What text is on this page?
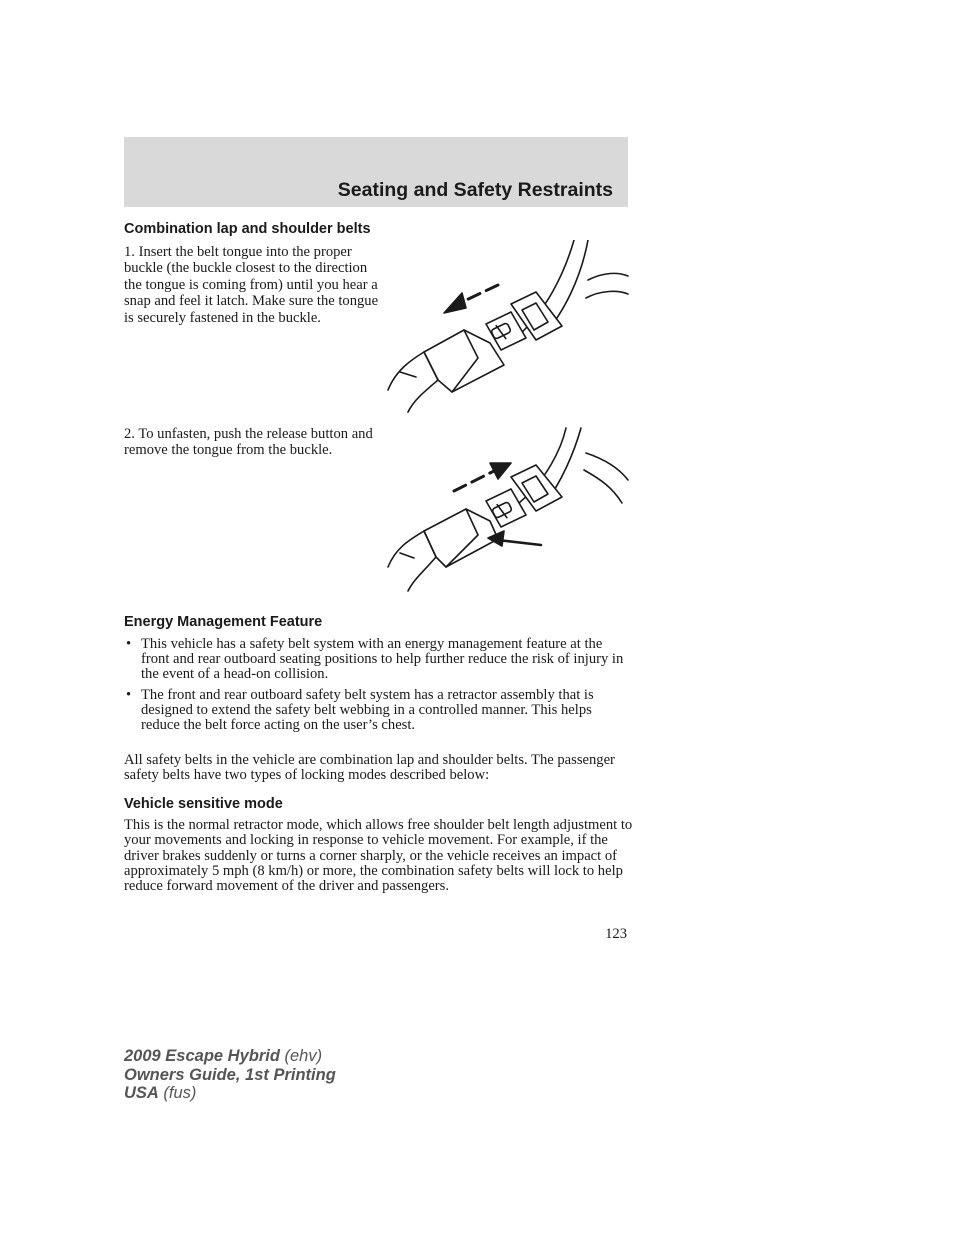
Seating and Safety Restraints
Combination lap and shoulder belts

1. Insert the belt tongue into the proper buckle (the buckle closest to the direction the tongue is coming from) until you hear a snap and feel it latch. Make sure the tongue is securely fastened in the buckle.

2. To unfasten, push the release button and remove the tongue from the buckle.

Energy Management Feature
• This vehicle has a safety belt system with an energy management feature at the front and rear outboard seating positions to help further reduce the risk of injury in the event of a head-on collision.
• The front and rear outboard safety belt system has a retractor assembly that is designed to extend the safety belt webbing in a controlled manner. This helps reduce the belt force acting on the user’s chest.

All safety belts in the vehicle are combination lap and shoulder belts. The passenger safety belts have two types of locking modes described below:

Vehicle sensitive mode

This is the normal retractor mode, which allows free shoulder belt length adjustment to your movements and locking in response to vehicle movement. For example, if the driver brakes suddenly or turns a corner sharply, or the vehicle receives an impact of approximately 5 mph (8 km/h) or more, the combination safety belts will lock to help reduce forward movement of the driver and passengers.

123
2009 Escape Hybrid (ehv)
Owners Guide, 1st Printing
USA (fus)
